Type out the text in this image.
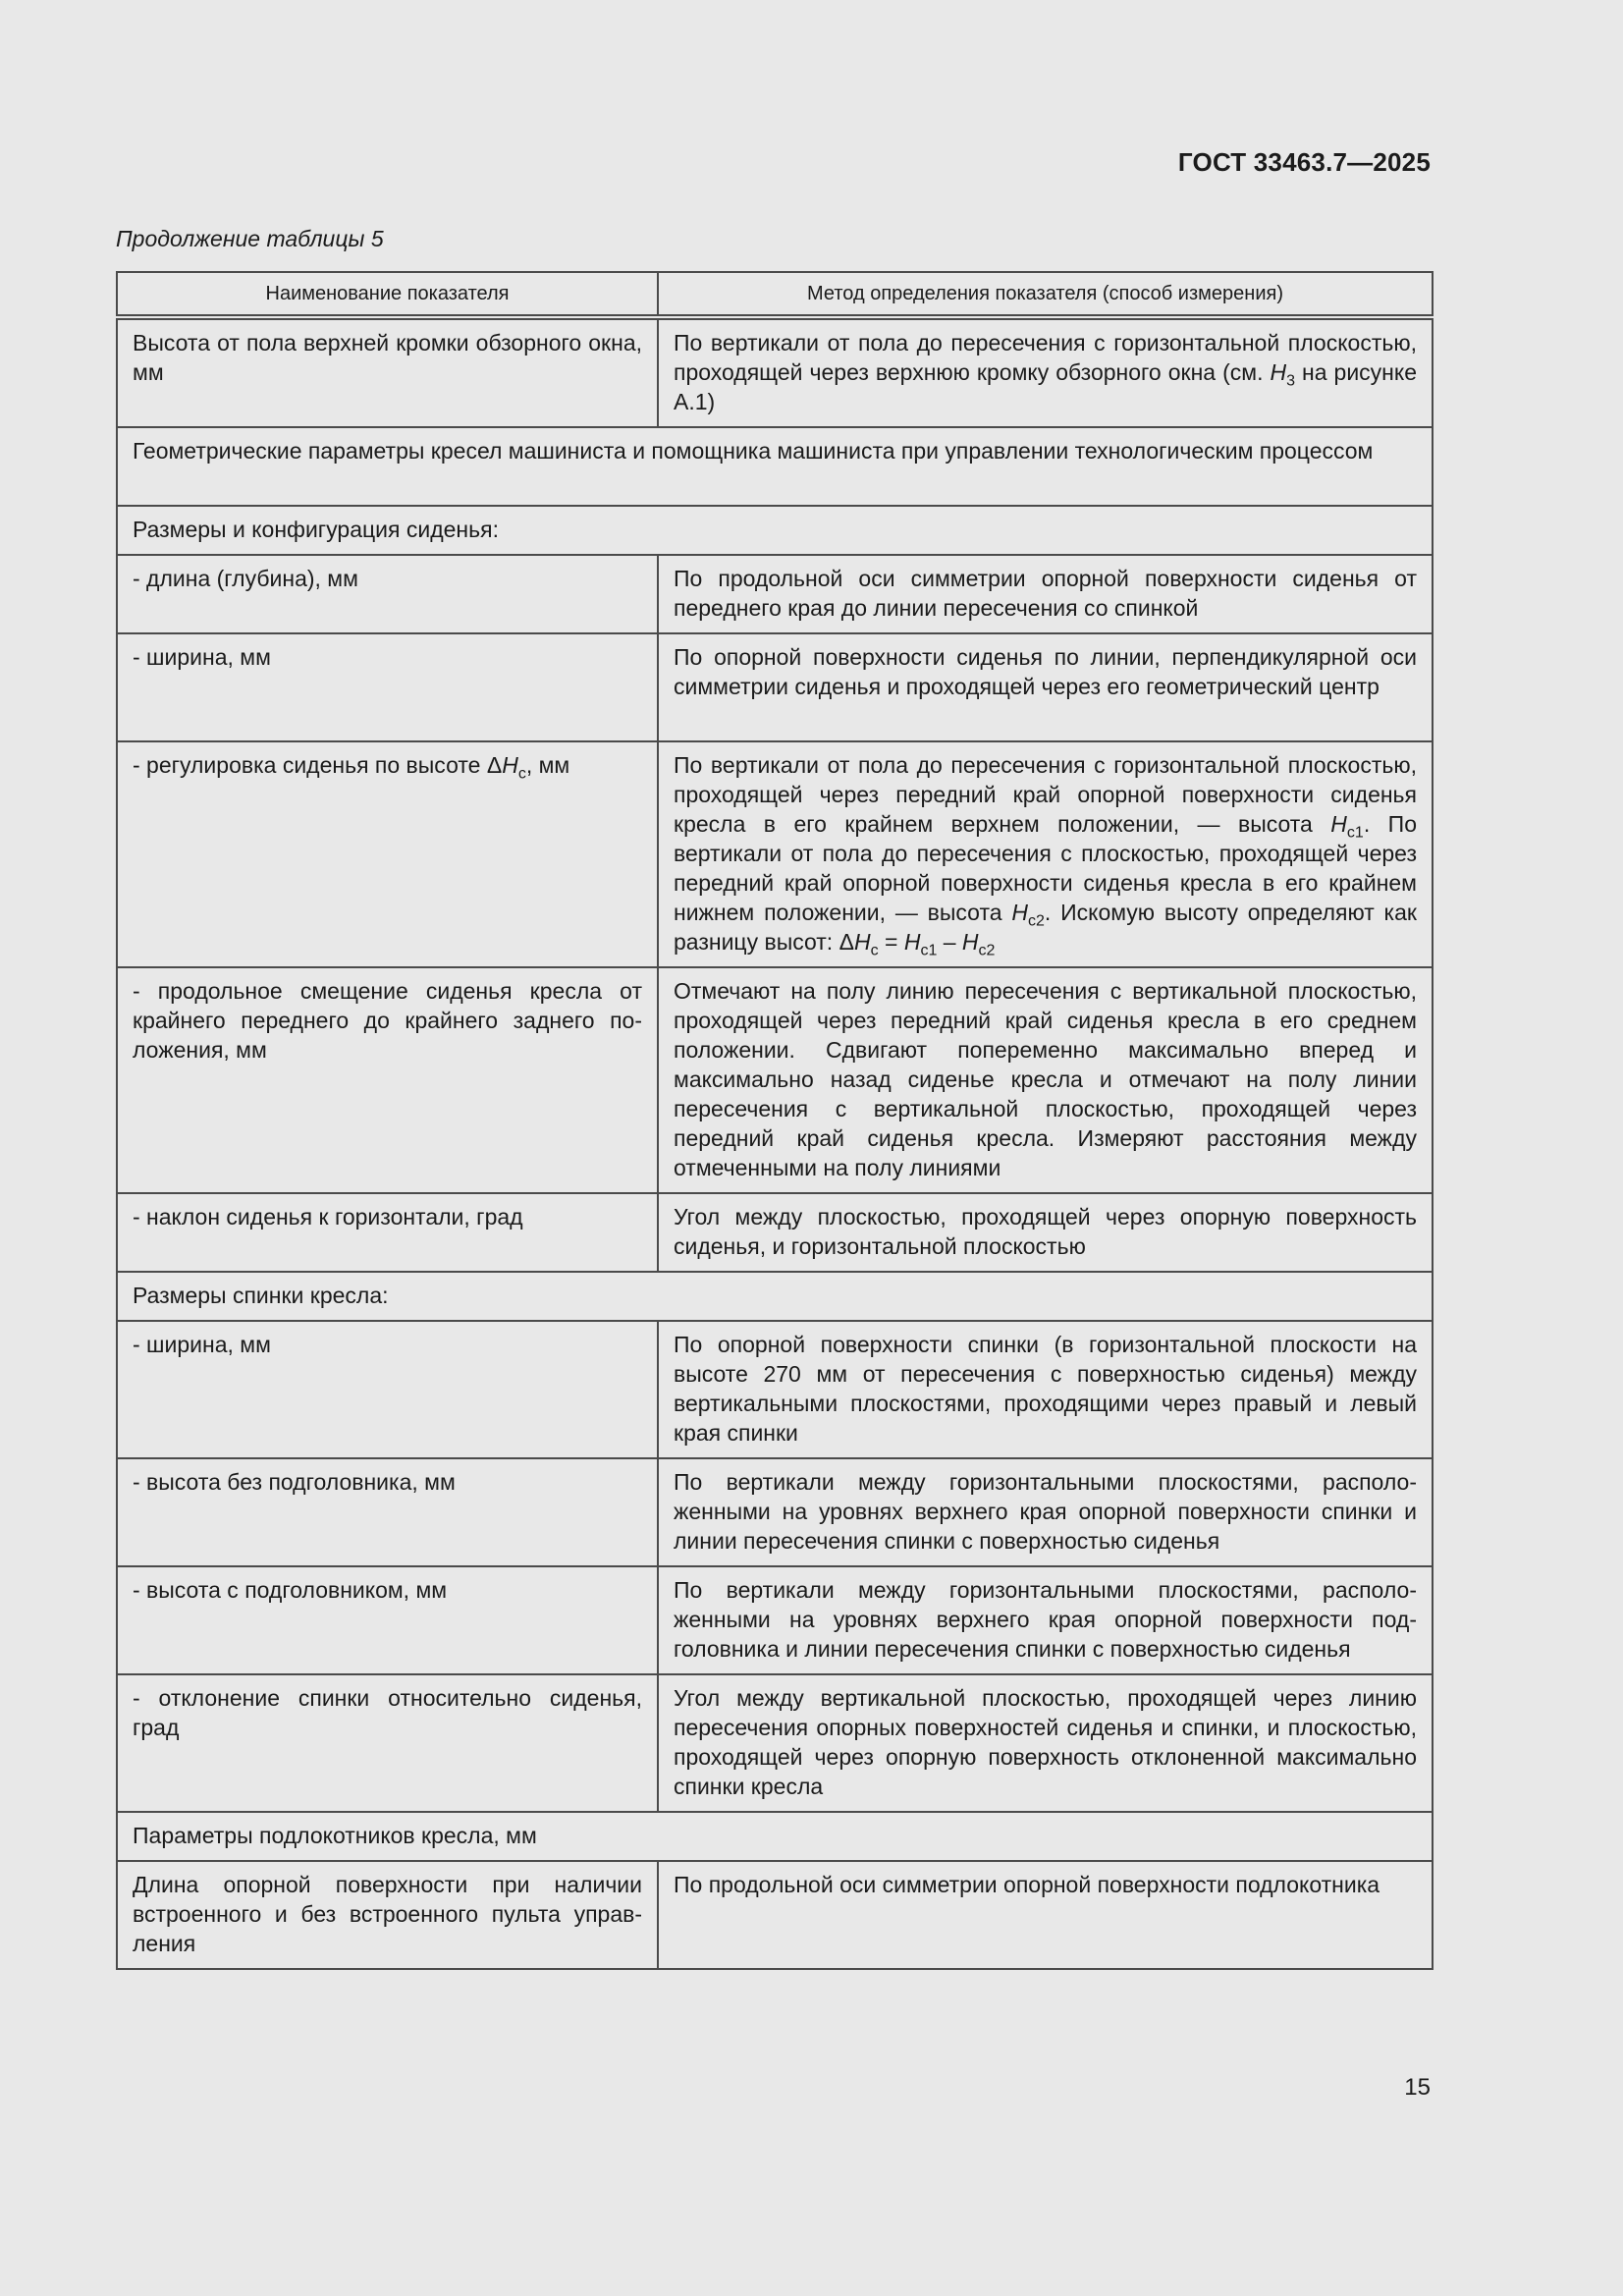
ГОСТ 33463.7—2025
Продолжение таблицы 5
Наименование показателя	Метод определения показателя (способ измерения)
Высота от пола верхней кромки обзорного окна, мм	По вертикали от пола до пересечения с горизонтальной плоскостью, проходящей через верхнюю кромку обзорного окна (см. $H_3$ на рисунке А.1)
Геометрические параметры кресел машиниста и помощника машиниста при управлении технологическим процессом	
Размеры и конфигурация сиденья:	
- длина (глубина), мм	По продольной оси симметрии опорной поверхности сиденья от переднего края до линии пересечения со спинкой
- ширина, мм	По опорной поверхности сиденья по линии, перпендикулярной оси симметрии сиденья и проходящей через его геометрический центр
- регулировка сиденья по высоте $\Delta H_с$, мм	По вертикали от пола до пересечения с горизонтальной плоскостью, проходящей через передний край опорной поверхности сиденья кресла в его крайнем верхнем положении, — высота $H_{с1}$. По вертикали от пола до пересечения с плоскостью, проходящей через передний край опорной поверхности сиденья кресла в его крайнем нижнем положении, — высота $H_{с2}$. Искомую высоту определяют как разницу высот: $\Delta H_с = H_{с1} - H_{с2}$
- продольное смещение сиденья кресла от крайнего переднего до крайнего заднего положения, мм	Отмечают на полу линию пересечения с вертикальной плоскостью, проходящей через передний край сиденья кресла в его среднем положении. Сдвигают попеременно максимально вперед и максимально назад сиденье кресла и отмечают на полу линии пересечения с вертикальной плоскостью, проходящей через передний край сиденья кресла. Измеряют расстояния между отмеченными на полу линиями
- наклон сиденья к горизонтали, град	Угол между плоскостью, проходящей через опорную поверхность сиденья, и горизонтальной плоскостью
Размеры спинки кресла:	
- ширина, мм	По опорной поверхности спинки (в горизонтальной плоскости на высоте 270 мм от пересечения с поверхностью сиденья) между вертикальными плоскостями, проходящими через правый и левый края спинки
- высота без подголовника, мм	По вертикали между горизонтальными плоскостями, расположенными на уровнях верхнего края опорной поверхности спинки и линии пересечения спинки с поверхностью сиденья
- высота с подголовником, мм	По вертикали между горизонтальными плоскостями, расположенными на уровнях верхнего края опорной поверхности подголовника и линии пересечения спинки с поверхностью сиденья
- отклонение спинки относительно сиденья, град	Угол между вертикальной плоскостью, проходящей через линию пересечения опорных поверхностей сиденья и спинки, и плоскостью, проходящей через опорную поверхность отклоненной максимально спинки кресла
Параметры подлокотников кресла, мм	
Длина опорной поверхности при наличии встроенного и без встроенного пульта управления	По продольной оси симметрии опорной поверхности подлокотника
15
